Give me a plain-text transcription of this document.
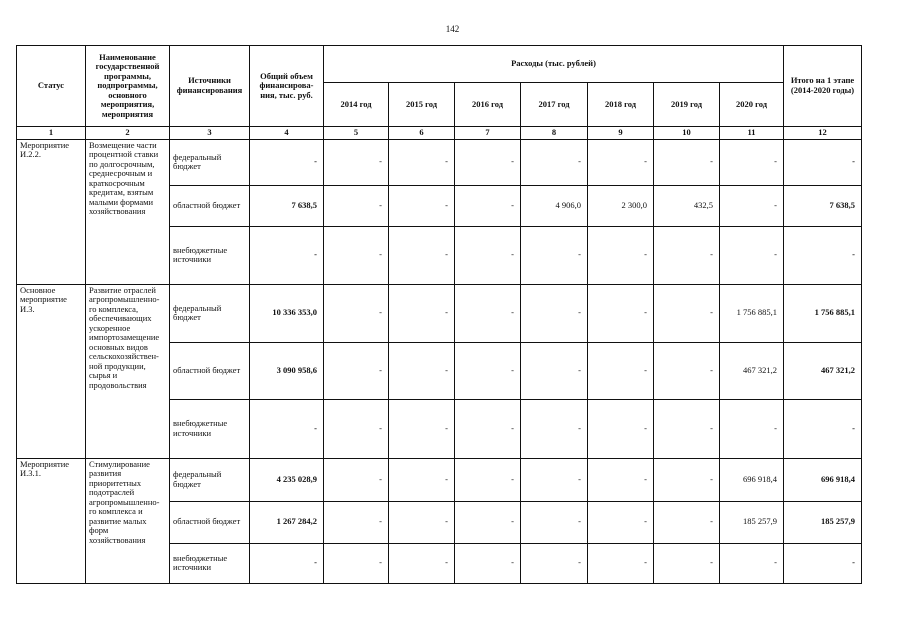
142
Статус	Наименование государственной программы, подпрограммы, основного мероприятия, мероприятия	Источники финансирования	Общий объем финансирова-ния, тыс. руб.	Расходы (тыс. рублей)							Итого на 1 этапе (2014-2020 годы)
				2014 год	2015 год	2016 год	2017 год	2018 год	2019 год	2020 год	
1	2	3	4	5	6	7	8	9	10	11	12
Мероприятие И.2.2.	Возмещение части процентной ставки по долгосрочным, среднесрочным и краткосрочным кредитам, взятым малыми формами хозяйствования	федеральный бюджет	-	-	-	-	-	-	-	-	-
		областной бюджет	7 638,5	-	-	-	4 906,0	2 300,0	432,5	-	7 638,5
		внебюджетные источники	-	-	-	-	-	-	-	-	-
Основное мероприятие И.3.	Развитие отраслей агропромышленно-го комплекса, обеспечивающих ускоренное импортозамещение основных видов сельскохозяйствен-ной продукции, сырья и продовольствия	федеральный бюджет	10 336 353,0	-	-	-	-	-	-	1 756 885,1	1 756 885,1
		областной бюджет	3 090 958,6	-	-	-	-	-	-	467 321,2	467 321,2
		внебюджетные источники	-	-	-	-	-	-	-	-	-
Мероприятие И.3.1.	Стимулирование развития приоритетных подотраслей агропромышленно-го комплекса и развитие малых форм хозяйствования	федеральный бюджет	4 235 028,9	-	-	-	-	-	-	696 918,4	696 918,4
		областной бюджет	1 267 284,2	-	-	-	-	-	-	185 257,9	185 257,9
		внебюджетные источники	-	-	-	-	-	-	-	-	-
